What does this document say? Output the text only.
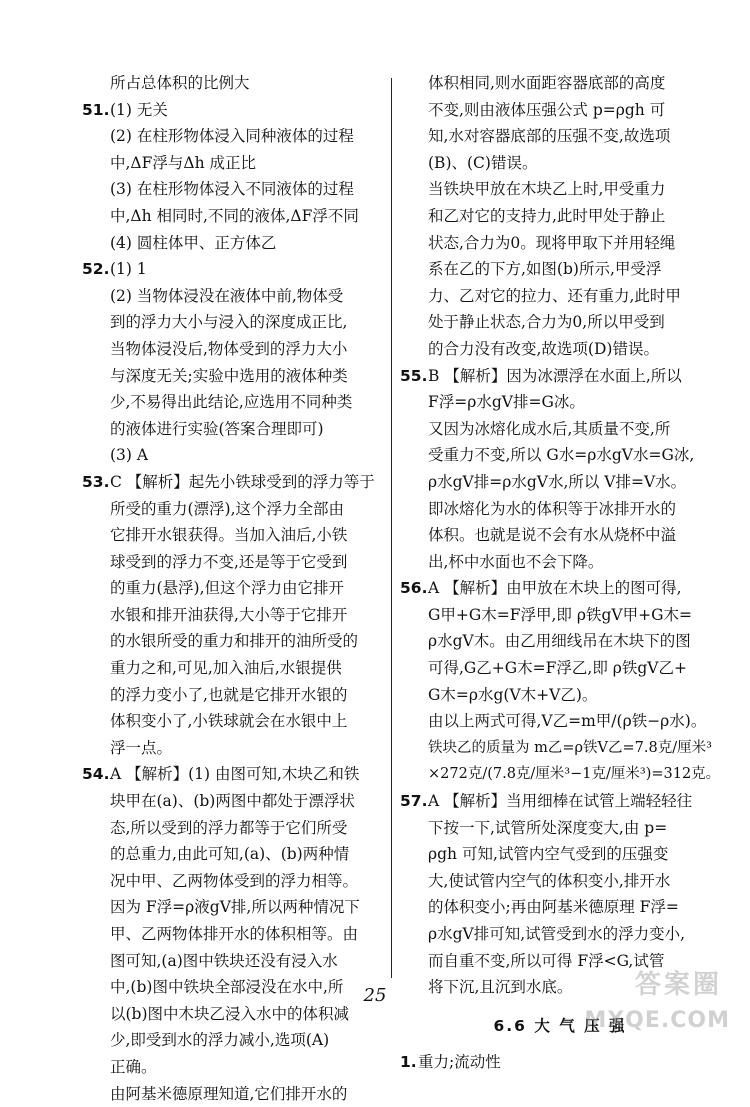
所占总体积的比例大
51.(1) 无关
(2) 在柱形物体浸入同种液体的过程
中,ΔF浮与Δh 成正比
(3) 在柱形物体浸入不同液体的过程
中,Δh 相同时,不同的液体,ΔF浮不同
(4) 圆柱体甲、正方体乙
52.(1) 1
(2) 当物体浸没在液体中前,物体受
到的浮力大小与浸入的深度成正比,
当物体浸没后,物体受到的浮力大小
与深度无关;实验中选用的液体种类
少,不易得出此结论,应选用不同种类
的液体进行实验(答案合理即可)
(3) A
53.C 【解析】起先小铁球受到的浮力等于
所受的重力(漂浮),这个浮力全部由
它排开水银获得。当加入油后,小铁
球受到的浮力不变,还是等于它受到
的重力(悬浮),但这个浮力由它排开
水银和排开油获得,大小等于它排开
的水银所受的重力和排开的油所受的
重力之和,可见,加入油后,水银提供
的浮力变小了,也就是它排开水银的
体积变小了,小铁球就会在水银中上
浮一点。
54.A 【解析】(1) 由图可知,木块乙和铁
块甲在(a)、(b)两图中都处于漂浮状
态,所以受到的浮力都等于它们所受
的总重力,由此可知,(a)、(b)两种情
况中甲、乙两物体受到的浮力相等。
因为 F浮=ρ液gV排,所以两种情况下
甲、乙两物体排开水的体积相等。由
图可知,(a)图中铁块还没有浸入水
中,(b)图中铁块全部浸没在水中,所
以(b)图中木块乙浸入水中的体积减
少,即受到水的浮力减小,选项(A)
正确。
由阿基米德原理知道,它们排开水的
体积相同,则水面距容器底部的高度
不变,则由液体压强公式 p=ρgh 可
知,水对容器底部的压强不变,故选项
(B)、(C)错误。
当铁块甲放在木块乙上时,甲受重力
和乙对它的支持力,此时甲处于静止
状态,合力为0。现将甲取下并用轻绳
系在乙的下方,如图(b)所示,甲受浮
力、乙对它的拉力、还有重力,此时甲
处于静止状态,合力为0,所以甲受到
的合力没有改变,故选项(D)错误。
55.B 【解析】因为冰漂浮在水面上,所以
F浮=ρ水gV排=G冰。
又因为冰熔化成水后,其质量不变,所
受重力不变,所以 G水=ρ水gV水=G冰,
ρ水gV排=ρ水gV水,所以 V排=V水。
即冰熔化为水的体积等于冰排开水的
体积。也就是说不会有水从烧杯中溢
出,杯中水面也不会下降。
56.A 【解析】由甲放在木块上的图可得,
G甲+G木=F浮甲,即 ρ铁gV甲+G木=
ρ水gV木。由乙用细线吊在木块下的图
可得,G乙+G木=F浮乙,即 ρ铁gV乙+
G木=ρ水g(V木+V乙)。
由以上两式可得,V乙=m甲/(ρ铁−ρ水)。
铁块乙的质量为 m乙=ρ铁V乙=7.8克/厘米³
×272克/(7.8克/厘米³−1克/厘米³)=312克。
57.A 【解析】当用细棒在试管上端轻轻往
下按一下,试管所处深度变大,由 p=
ρgh 可知,试管内空气受到的压强变
大,使试管内空气的体积变小,排开水
的体积变小;再由阿基米德原理 F浮=
ρ水gV排可知,试管受到水的浮力变小,
而自重不变,所以可得 F浮<G,试管
将下沉,且沉到水底。
6.6 大 气 压 强
1.重力;流动性
25	答案圈
MXQE.COM
